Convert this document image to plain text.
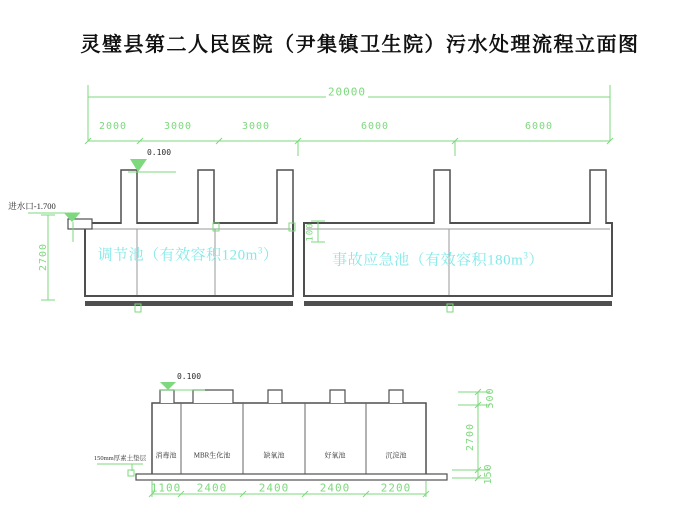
灵璧县第二人民医院（尹集镇卫生院）污水处理流程立面图
20000
2000	3000	3000	6000	6000
0.100
进水口-1.700
2700
100
调节池（有效容积$120m^3$）	事故应急池（有效容积$180m^3$）
0.100
消毒池 MBR生化池	缺氧池	好氧池	沉淀池
150mm厚素土垫层
1100 2400	2400	2400	2200
500
2700
150
